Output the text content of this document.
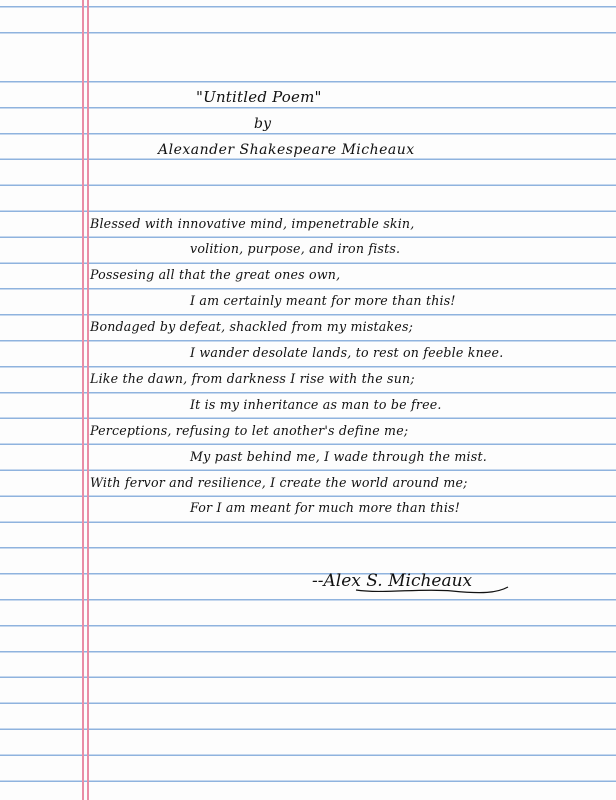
"Untitled Poem"
by
Alexander Shakespeare Micheaux
Blessed with innovative mind, impenetrable skin,
volition, purpose, and iron fists.
Possesing all that the great ones own,
I am certainly meant for more than this!
Bondaged by defeat, shackled from my mistakes;
I wander desolate lands, to rest on feeble knee.
Like the dawn, from darkness I rise with the sun;
It is my inheritance as man to be free.
Perceptions, refusing to let another's define me;
My past behind me, I wade through the mist.
With fervor and resilience, I create the world around me;
For I am meant for much more than this!
--Alex S. Micheaux
